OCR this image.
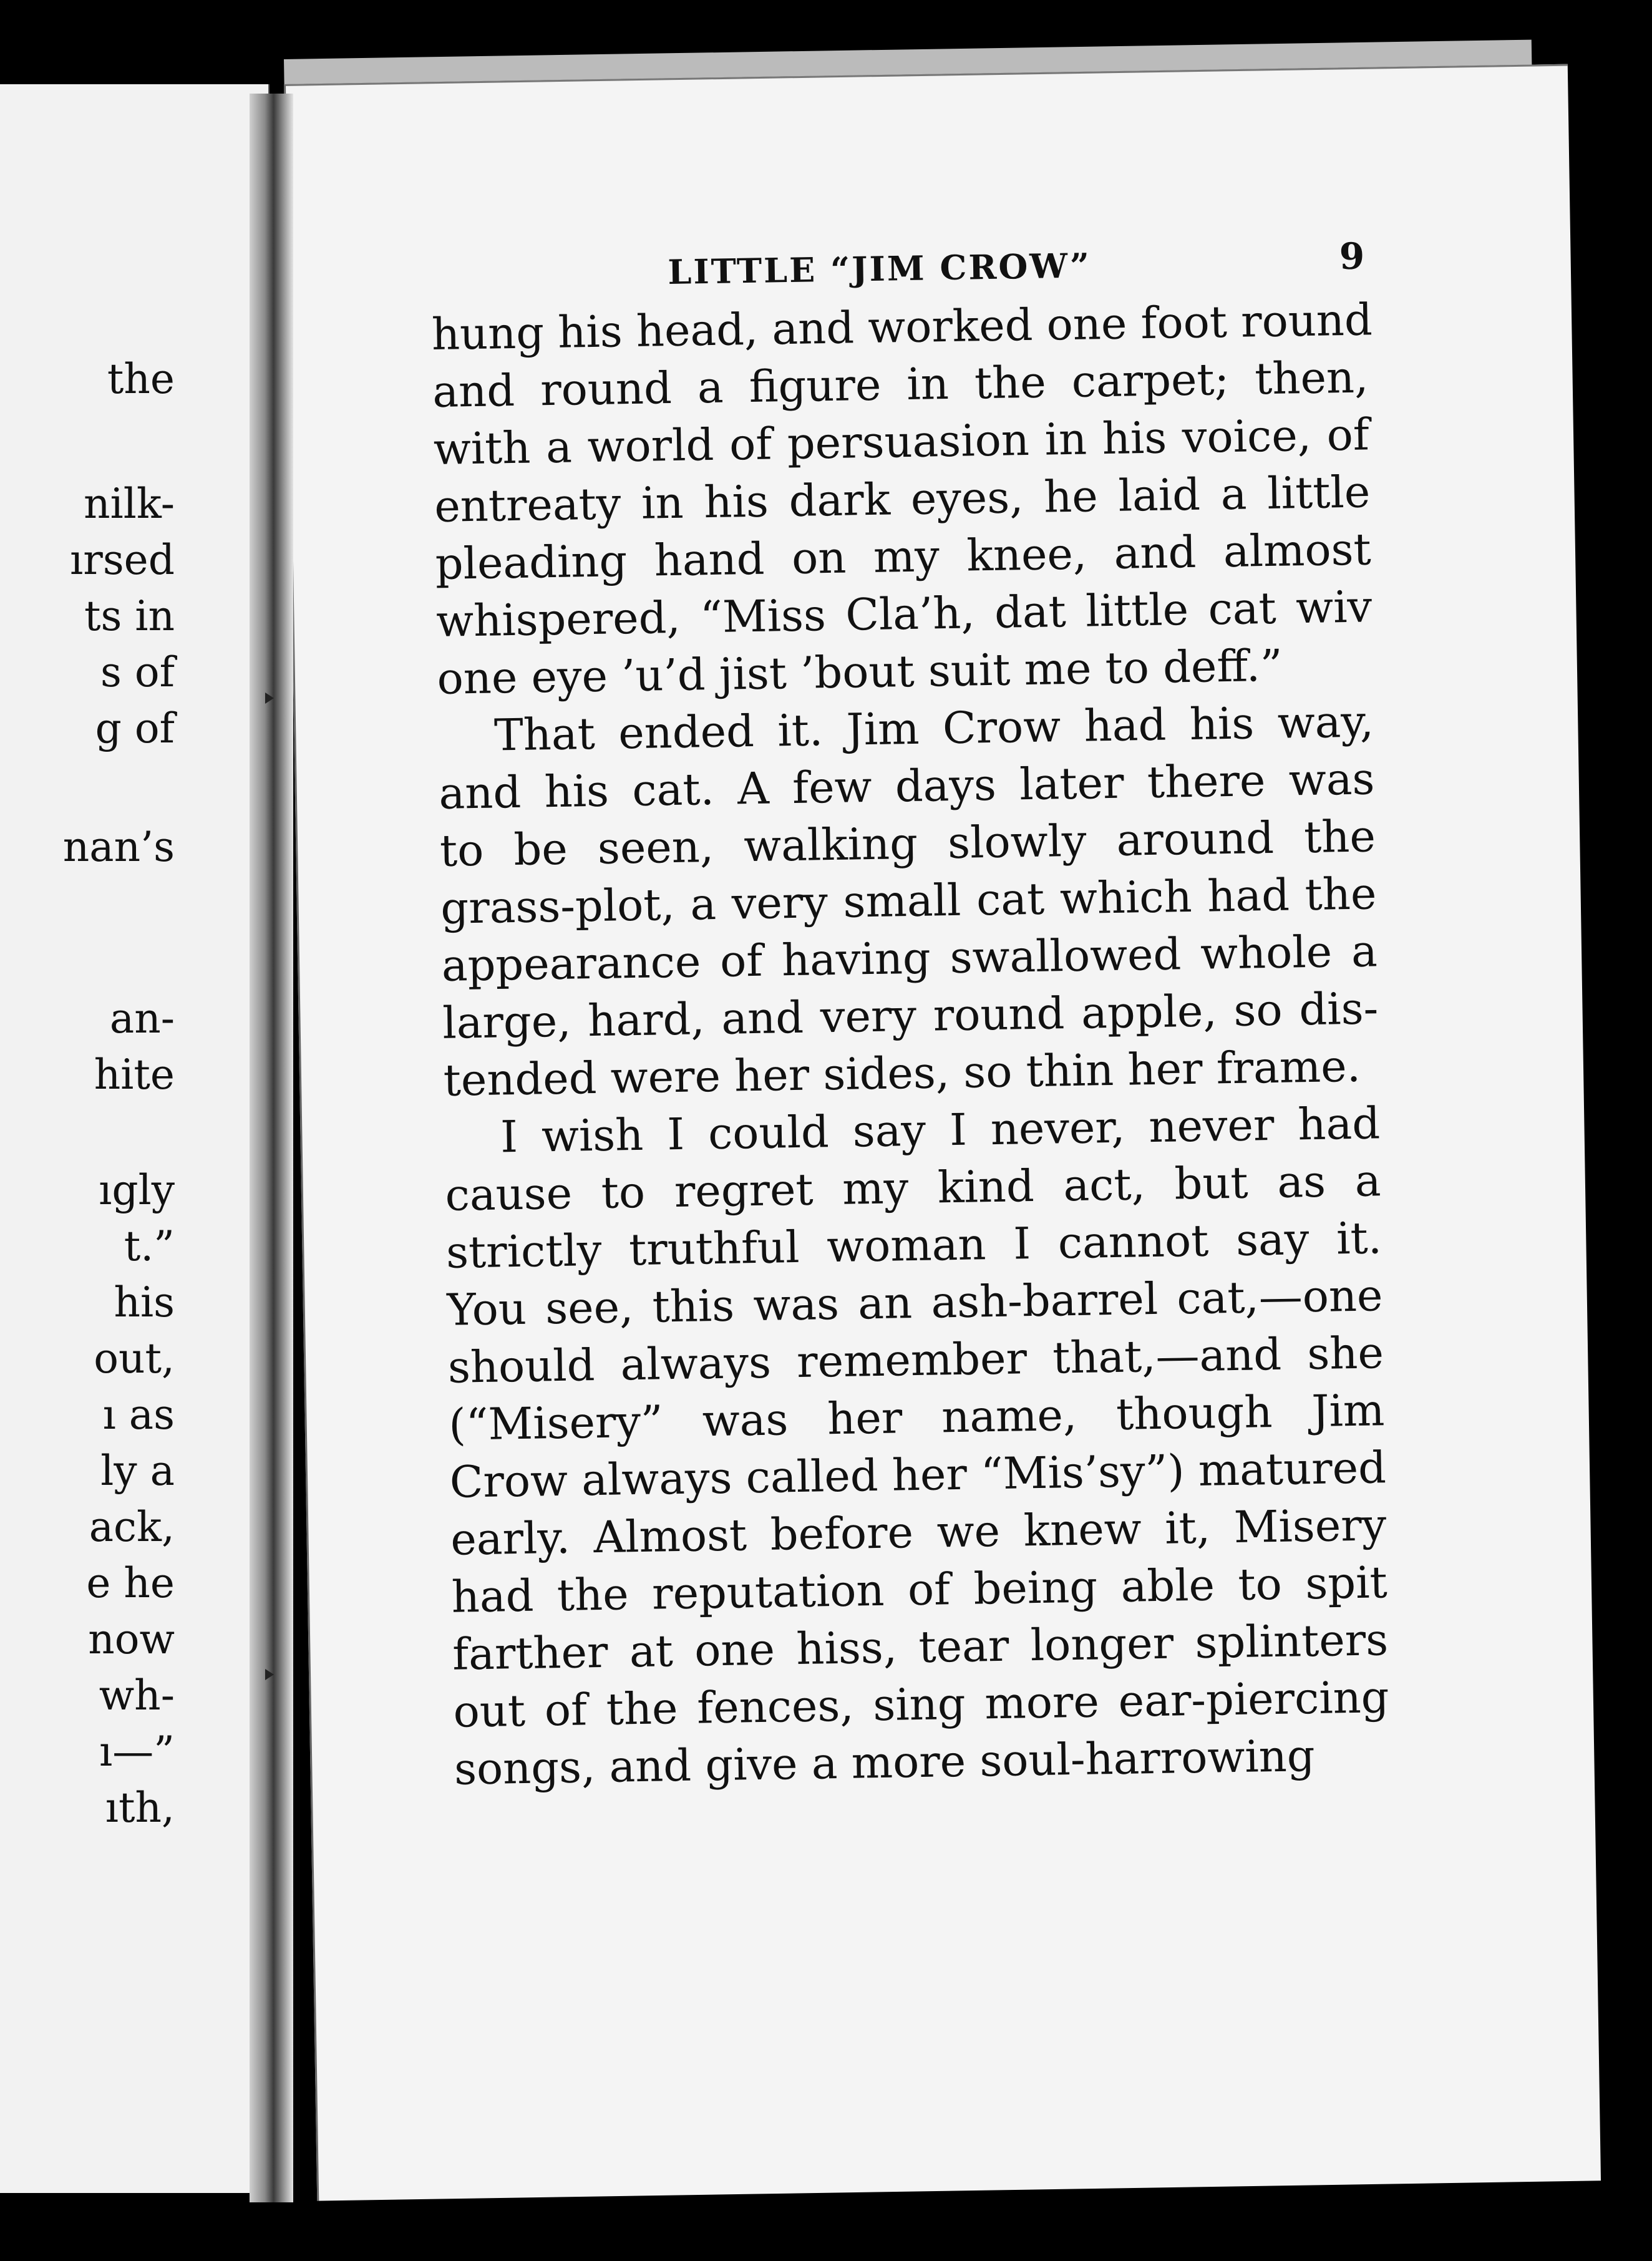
the
nilk-
ırsed
ts in
s of
g of
nan’s
an-
hite
ıgly
t.”
his
out,
ı as
ly a
ack,
e he
now
wh-
ı—”
ıth,
LITTLE “JIM CROW”	9

hung his head, and worked one foot round
and round a figure in the carpet; then,
with a world of persuasion in his voice, of
entreaty in his dark eyes, he laid a little
pleading hand on my knee, and almost
whispered, “Miss Cla’h, dat little cat wiv
one eye ’u’d jist ’bout suit me to deff.”

That ended it. Jim Crow had his way,
and his cat. A few days later there was
to be seen, walking slowly around the
grass-plot, a very small cat which had the
appearance of having swallowed whole a
large, hard, and very round apple, so dis-
tended were her sides, so thin her frame.

I wish I could say I never, never had
cause to regret my kind act, but as a
strictly truthful woman I cannot say it.
You see, this was an ash-barrel cat,—one
should always remember that,—and she
(“Misery” was her name, though Jim
Crow always called her “Mis’sy”) matured
early. Almost before we knew it, Misery
had the reputation of being able to spit
farther at one hiss, tear longer splinters
out of the fences, sing more ear-piercing
songs, and give a more soul-harrowing
